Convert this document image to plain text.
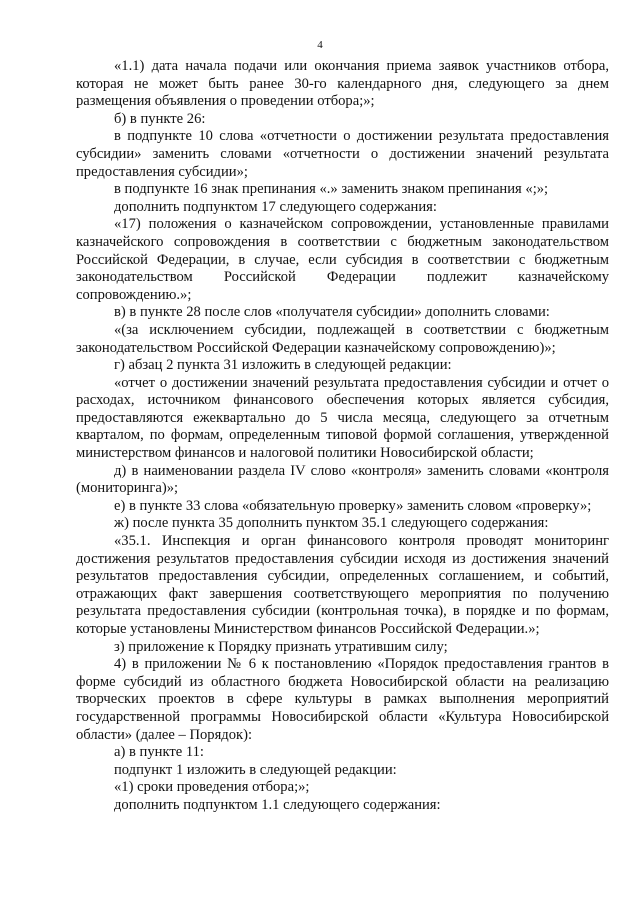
4

«1.1) дата начала подачи или окончания приема заявок участников отбора, которая не может быть ранее 30-го календарного дня, следующего за днем размещения объявления о проведении отбора;»;

б) в пункте 26:

в подпункте 10 слова «отчетности о достижении результата предоставления субсидии» заменить словами «отчетности о достижении значений результата предоставления субсидии»;

в подпункте 16 знак препинания «.» заменить знаком препинания «;»;

дополнить подпунктом 17 следующего содержания:

«17) положения о казначейском сопровождении, установленные правилами казначейского сопровождения в соответствии с бюджетным законодательством Российской Федерации, в случае, если субсидия в соответствии с бюджетным законодательством Российской Федерации подлежит казначейскому сопровождению.»;

в) в пункте 28 после слов «получателя субсидии» дополнить словами:

«(за исключением субсидии, подлежащей в соответствии с бюджетным законодательством Российской Федерации казначейскому сопровождению)»;

г) абзац 2 пункта 31 изложить в следующей редакции:

«отчет о достижении значений результата предоставления субсидии и отчет о расходах, источником финансового обеспечения которых является субсидия, предоставляются ежеквартально до 5 числа месяца, следующего за отчетным кварталом, по формам, определенным типовой формой соглашения, утвержденной министерством финансов и налоговой политики Новосибирской области;

д) в наименовании раздела IV слово «контроля» заменить словами «контроля (мониторинга)»;

е) в пункте 33 слова «обязательную проверку» заменить словом «проверку»;

ж) после пункта 35 дополнить пунктом 35.1 следующего содержания:

«35.1. Инспекция и орган финансового контроля проводят мониторинг достижения результатов предоставления субсидии исходя из достижения значений результатов предоставления субсидии, определенных соглашением, и событий, отражающих факт завершения соответствующего мероприятия по получению результата предоставления субсидии (контрольная точка), в порядке и по формам, которые установлены Министерством финансов Российской Федерации.»;

з) приложение к Порядку признать утратившим силу;

4) в приложении № 6 к постановлению «Порядок предоставления грантов в форме субсидий из областного бюджета Новосибирской области на реализацию творческих проектов в сфере культуры в рамках выполнения мероприятий государственной программы Новосибирской области «Культура Новосибирской области» (далее – Порядок):

а) в пункте 11:

подпункт 1 изложить в следующей редакции:

«1) сроки проведения отбора;»;

дополнить подпунктом 1.1 следующего содержания:
